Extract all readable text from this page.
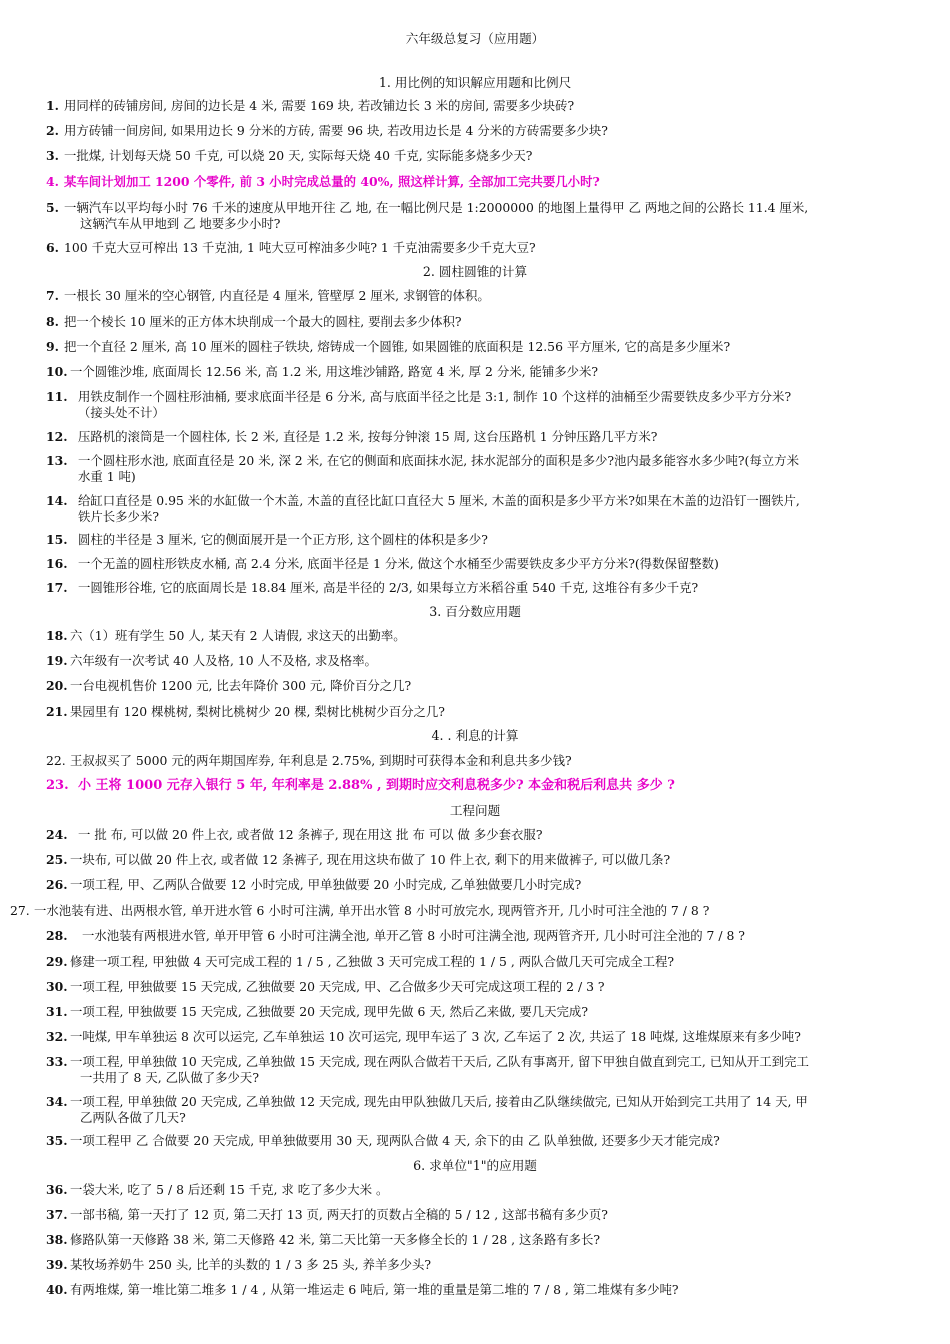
六年级总复习（应用题）
1. 用比例的知识解应用题和比例尺
1. 用同样的砖铺房间, 房间的边长是 4 米, 需要 169 块, 若改铺边长 3 米的房间, 需要多少块砖?
2. 用方砖铺一间房间, 如果用边长 9 分米的方砖, 需要 96 块, 若改用边长是 4 分米的方砖需要多少块?
3. 一批煤, 计划每天烧 50 千克, 可以烧 20 天, 实际每天烧 40 千克, 实际能多烧多少天?
4. 某车间计划加工 1200 个零件, 前 3 小时完成总量的 40%, 照这样计算, 全部加工完共要几小时?
5. 一辆汽车以平均每小时 76 千米的速度从甲地开往 乙 地, 在一幅比例尺是 1:2000000 的地图上量得甲 乙 两地之间的公路长 11.4 厘米,
这辆汽车从甲地到 乙 地要多少小时?
6. 100 千克大豆可榨出 13 千克油, 1 吨大豆可榨油多少吨? 1 千克油需要多少千克大豆?
2. 圆柱圆锥的计算
7. 一根长 30 厘米的空心钢管, 内直径是 4 厘米, 管壁厚 2 厘米, 求钢管的体积。
8. 把一个棱长 10 厘米的正方体木块削成一个最大的圆柱, 要削去多少体积?
9. 把一个直径 2 厘米, 高 10 厘米的圆柱子铁块, 熔铸成一个圆锥, 如果圆锥的底面积是 12.56 平方厘米, 它的高是多少厘米?
10. 一个圆锥沙堆, 底面周长 12.56 米, 高 1.2 米, 用这堆沙铺路, 路宽 4 米, 厚 2 分米, 能铺多少米?
11. 用铁皮制作一个圆柱形油桶, 要求底面半径是 6 分米, 高与底面半径之比是 3:1, 制作 10 个这样的油桶至少需要铁皮多少平方分米?
（接头处不计）
12. 压路机的滚筒是一个圆柱体, 长 2 米, 直径是 1.2 米, 按每分钟滚 15 周, 这台压路机 1 分钟压路几平方米?
13. 一个圆柱形水池, 底面直径是 20 米, 深 2 米, 在它的侧面和底面抹水泥, 抹水泥部分的面积是多少?池内最多能容水多少吨?(每立方米
水重 1 吨)
14. 给缸口直径是 0.95 米的水缸做一个木盖, 木盖的直径比缸口直径大 5 厘米, 木盖的面积是多少平方米?如果在木盖的边沿钉一圈铁片,
铁片长多少米?
15. 圆柱的半径是 3 厘米, 它的侧面展开是一个正方形, 这个圆柱的体积是多少?
16. 一个无盖的圆柱形铁皮水桶, 高 2.4 分米, 底面半径是 1 分米, 做这个水桶至少需要铁皮多少平方分米?(得数保留整数)
17. 一圆锥形谷堆, 它的底面周长是 18.84 厘米, 高是半径的 2/3, 如果每立方米稻谷重 540 千克, 这堆谷有多少千克?
3. 百分数应用题
18. 六（1）班有学生 50 人, 某天有 2 人请假, 求这天的出勤率。
19. 六年级有一次考试 40 人及格, 10 人不及格, 求及格率。
20. 一台电视机售价 1200 元, 比去年降价 300 元, 降价百分之几?
21. 果园里有 120 棵桃树, 梨树比桃树少 20 棵, 梨树比桃树少百分之几?
4. . 利息的计算
22. 王叔叔买了 5000 元的两年期国库券, 年利息是 2.75%, 到期时可获得本金和利息共多少钱?
23. 小 王将 1000 元存入银行 5 年, 年利率是 2.88% , 到期时应交利息税多少? 本金和税后利息共 多少 ?
工程问题
24. 一 批 布, 可以做 20 件上衣, 或者做 12 条裤子, 现在用这 批 布 可以 做 多少套衣服?
25. 一块布, 可以做 20 件上衣, 或者做 12 条裤子, 现在用这块布做了 10 件上衣, 剩下的用来做裤子, 可以做几条?
26. 一项工程, 甲、乙两队合做要 12 小时完成, 甲单独做要 20 小时完成, 乙单独做要几小时完成?
27. 一水池装有进、出两根水管, 单开进水管 6 小时可注满, 单开出水管 8 小时可放完水, 现两管齐开, 几小时可注全池的 7 / 8 ?
28. 一水池装有两根进水管, 单开甲管 6 小时可注满全池, 单开乙管 8 小时可注满全池, 现两管齐开, 几小时可注全池的 7 / 8 ?
29. 修建一项工程, 甲独做 4 天可完成工程的 1 / 5 , 乙独做 3 天可完成工程的 1 / 5 , 两队合做几天可完成全工程?
30. 一项工程, 甲独做要 15 天完成, 乙独做要 20 天完成, 甲、乙合做多少天可完成这项工程的 2 / 3 ?
31. 一项工程, 甲独做要 15 天完成, 乙独做要 20 天完成, 现甲先做 6 天, 然后乙来做, 要几天完成?
32. 一吨煤, 甲车单独运 8 次可以运完, 乙车单独运 10 次可运完, 现甲车运了 3 次, 乙车运了 2 次, 共运了 18 吨煤, 这堆煤原来有多少吨?
33. 一项工程, 甲单独做 10 天完成, 乙单独做 15 天完成, 现在两队合做若干天后, 乙队有事离开, 留下甲独自做直到完工, 已知从开工到完工
一共用了 8 天, 乙队做了多少天?
34. 一项工程, 甲单独做 20 天完成, 乙单独做 12 天完成, 现先由甲队独做几天后, 接着由乙队继续做完, 已知从开始到完工共用了 14 天, 甲
乙两队各做了几天?
35. 一项工程甲 乙 合做要 20 天完成, 甲单独做要用 30 天, 现两队合做 4 天, 余下的由 乙 队单独做, 还要多少天才能完成?
6. 求单位"1"的应用题
36. 一袋大米, 吃了 5 / 8 后还剩 15 千克, 求 吃了多少大米 。
37. 一部书稿, 第一天打了 12 页, 第二天打 13 页, 两天打的页数占全稿的 5 / 12 , 这部书稿有多少页?
38. 修路队第一天修路 38 米, 第二天修路 42 米, 第二天比第一天多修全长的 1 / 28 , 这条路有多长?
39. 某牧场养奶牛 250 头, 比羊的头数的 1 / 3 多 25 头, 养羊多少头?
40. 有两堆煤, 第一堆比第二堆多 1 / 4 , 从第一堆运走 6 吨后, 第一堆的重量是第二堆的 7 / 8 , 第二堆煤有多少吨?
